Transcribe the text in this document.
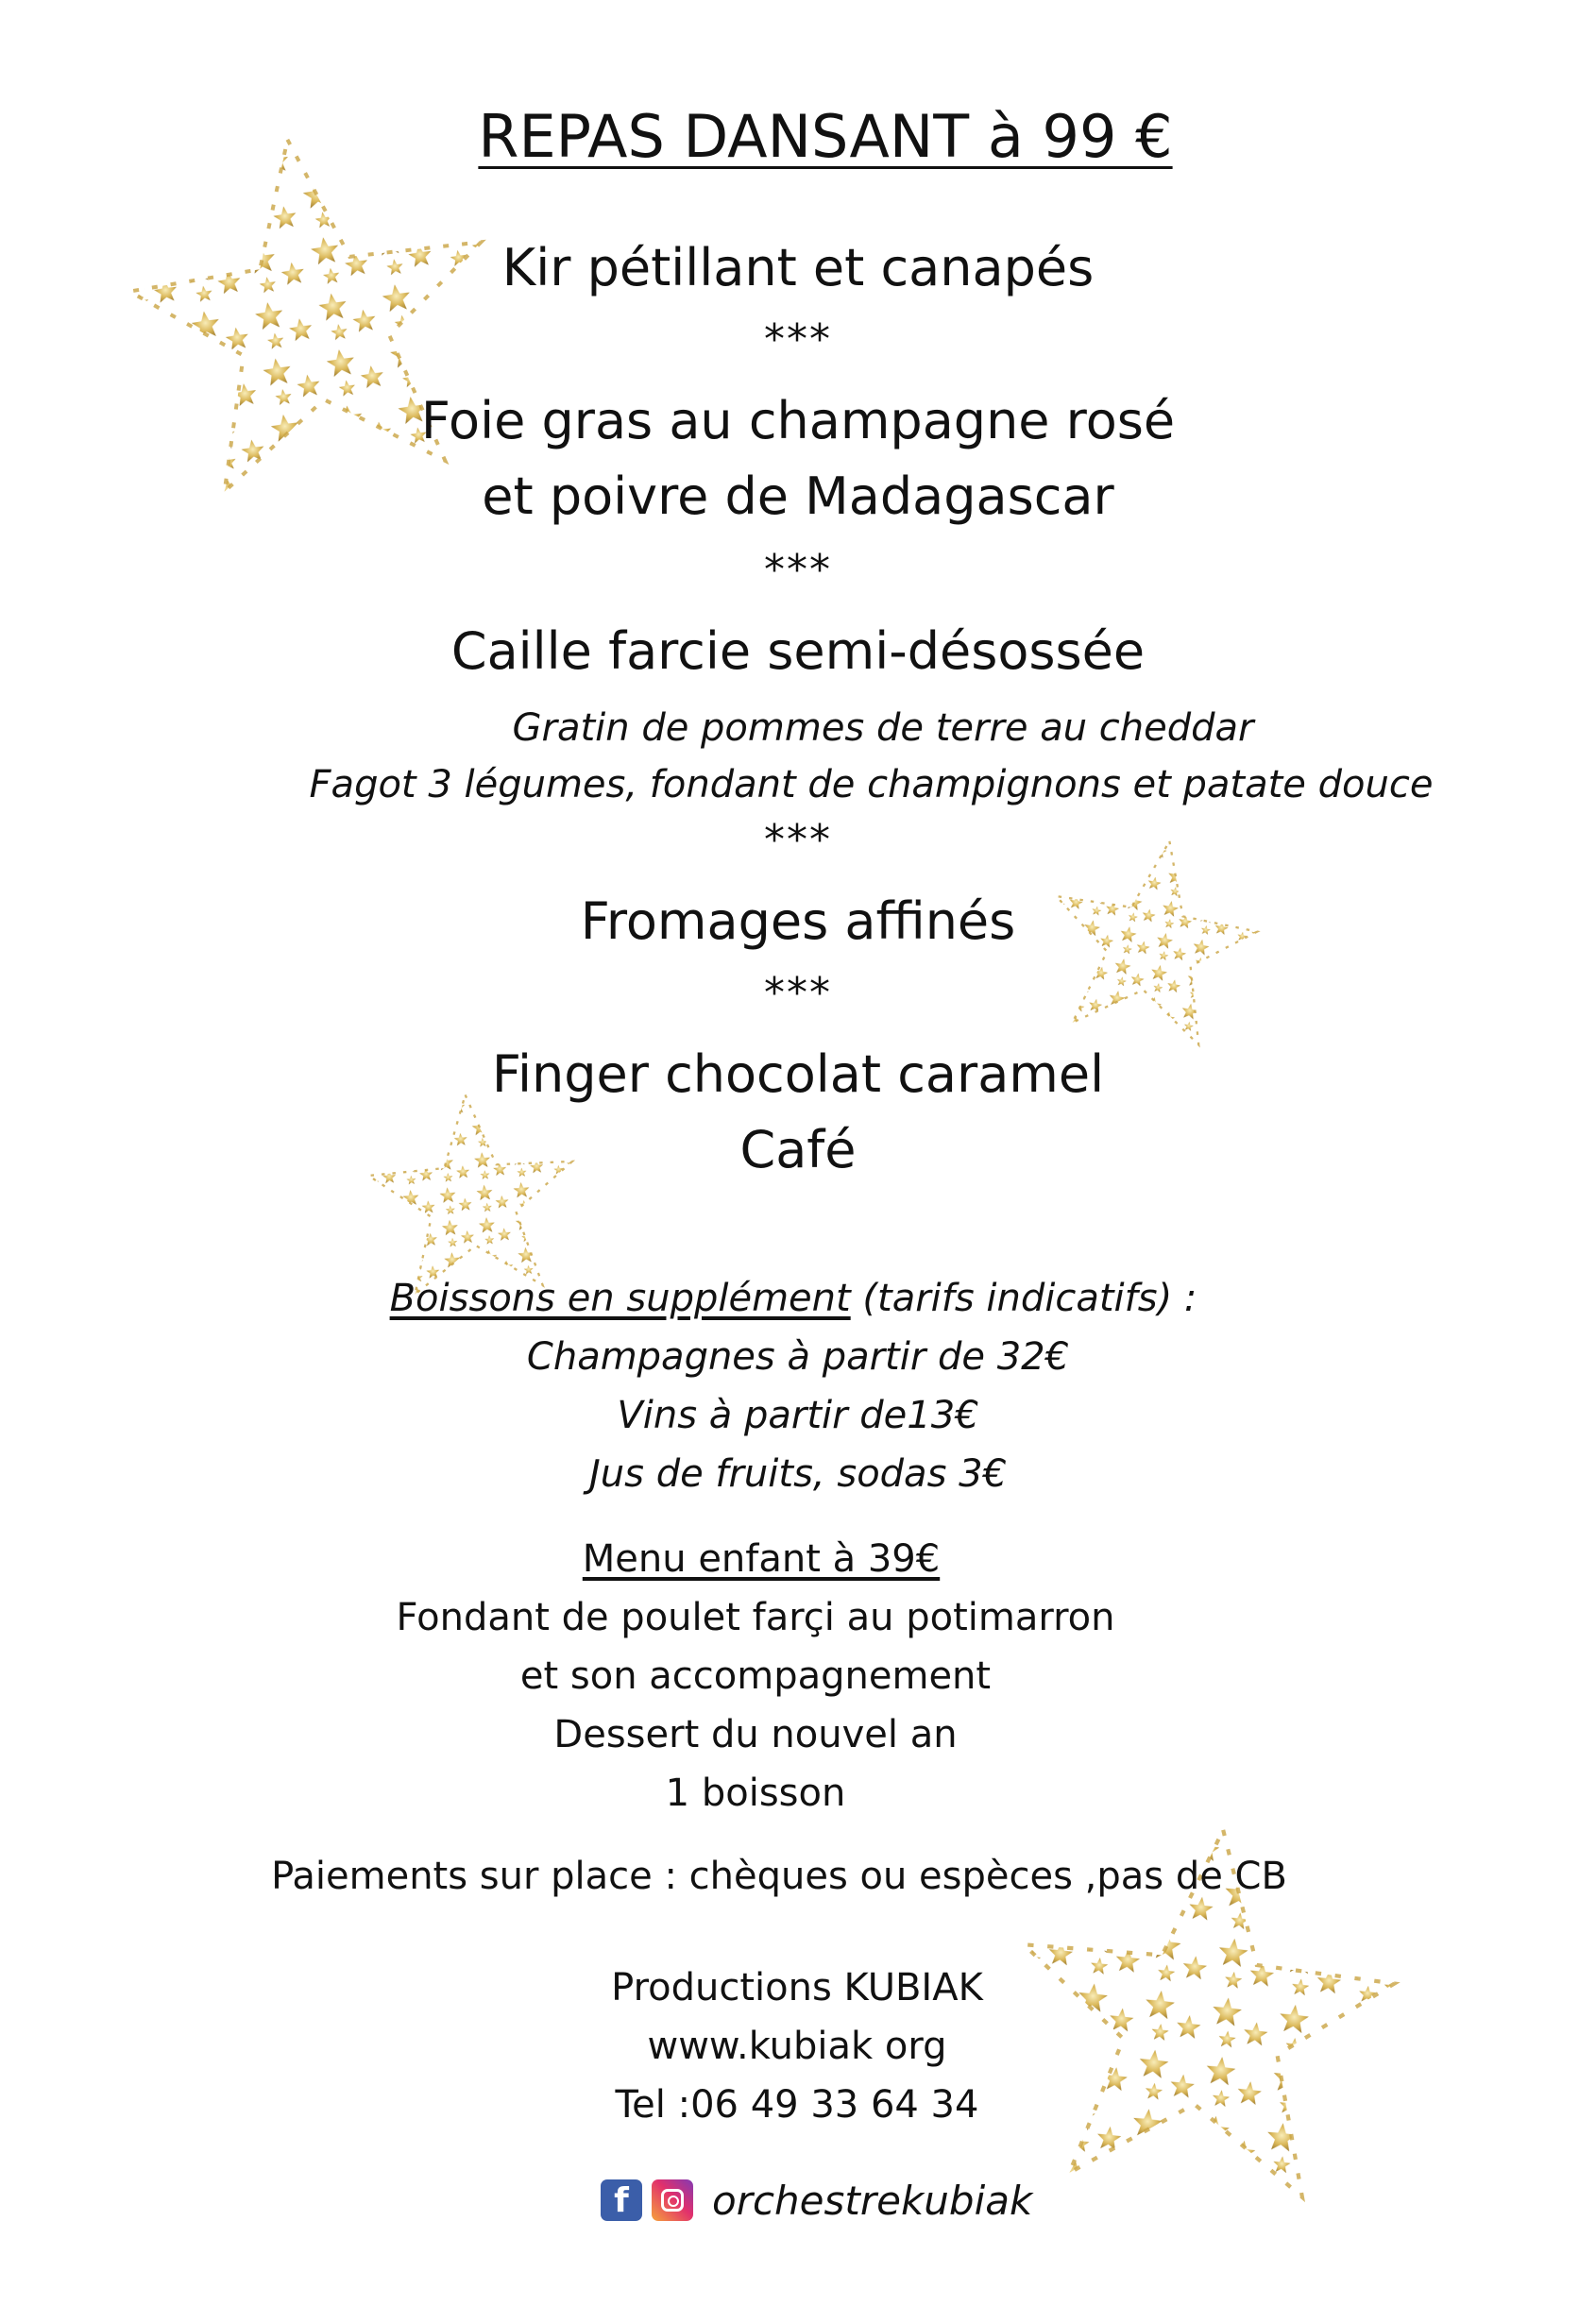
REPAS DANSANT à 99 €
Kir pétillant et canapés
***
Foie gras au champagne rosé
et poivre de Madagascar
***
Caille farcie semi-désossée
Gratin de pommes de terre au cheddar
Fagot 3 légumes, fondant de champignons et patate douce
***
Fromages affinés
***
Finger chocolat caramel
Café
Boissons en supplément (tarifs indicatifs) :
Champagnes à partir de 32€
Vins à partir de13€
Jus de fruits, sodas 3€
Menu enfant à 39€
Fondant de poulet farçi au potimarron
et son accompagnement
Dessert du nouvel an
1 boisson
Paiements sur place : chèques ou espèces ,pas de CB
Productions KUBIAK
www.kubiak org
Tel :06 49 33 64 34
f orchestrekubiak
